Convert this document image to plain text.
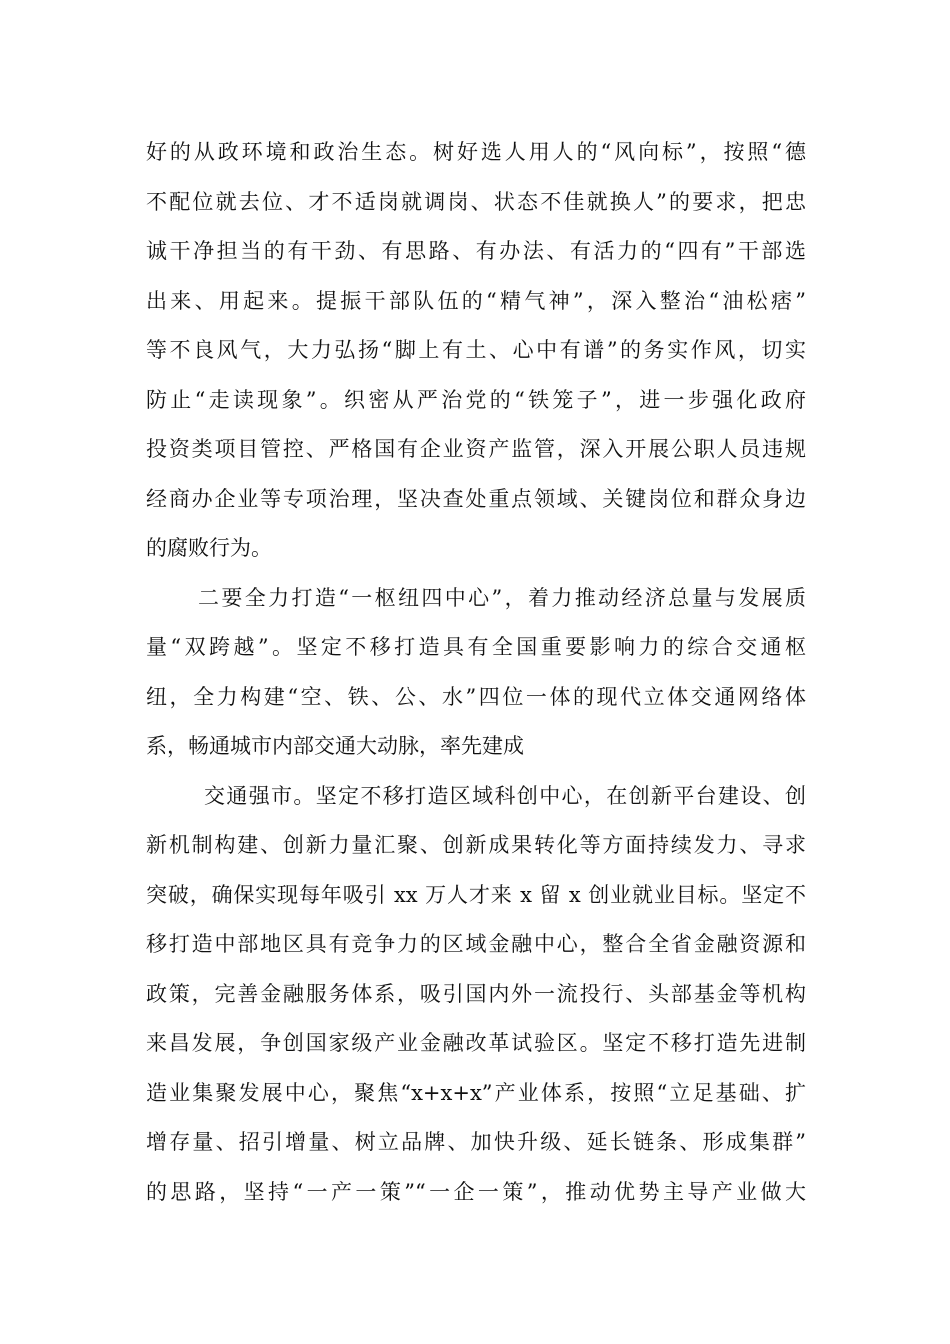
好的从政环境和政治生态。树好选人用人的“风向标”，按照“德
不配位就去位、才不适岗就调岗、状态不佳就换人”的要求，把忠
诚干净担当的有干劲、有思路、有办法、有活力的“四有”干部选
出来、用起来。提振干部队伍的“精气神”，深入整治“油松痞”
等不良风气，大力弘扬“脚上有土、心中有谱”的务实作风，切实
防止“走读现象”。织密从严治党的“铁笼子”，进一步强化政府
投资类项目管控、严格国有企业资产监管，深入开展公职人员违规
经商办企业等专项治理，坚决查处重点领域、关键岗位和群众身边
的腐败行为。
二要全力打造“一枢纽四中心”，着力推动经济总量与发展质
量“双跨越”。坚定不移打造具有全国重要影响力的综合交通枢
纽，全力构建“空、铁、公、水”四位一体的现代立体交通网络体
系，畅通城市内部交通大动脉，率先建成
交通强市。坚定不移打造区域科创中心，在创新平台建设、创
新机制构建、创新力量汇聚、创新成果转化等方面持续发力、寻求
突破，确保实现每年吸引 xx 万人才来 x 留 x 创业就业目标。坚定不
移打造中部地区具有竞争力的区域金融中心，整合全省金融资源和
政策，完善金融服务体系，吸引国内外一流投行、头部基金等机构
来昌发展，争创国家级产业金融改革试验区。坚定不移打造先进制
造业集聚发展中心，聚焦“x+x+x”产业体系，按照“立足基础、扩
增存量、招引增量、树立品牌、加快升级、延长链条、形成集群”
的思路，坚持“一产一策”“一企一策”，推动优势主导产业做大
